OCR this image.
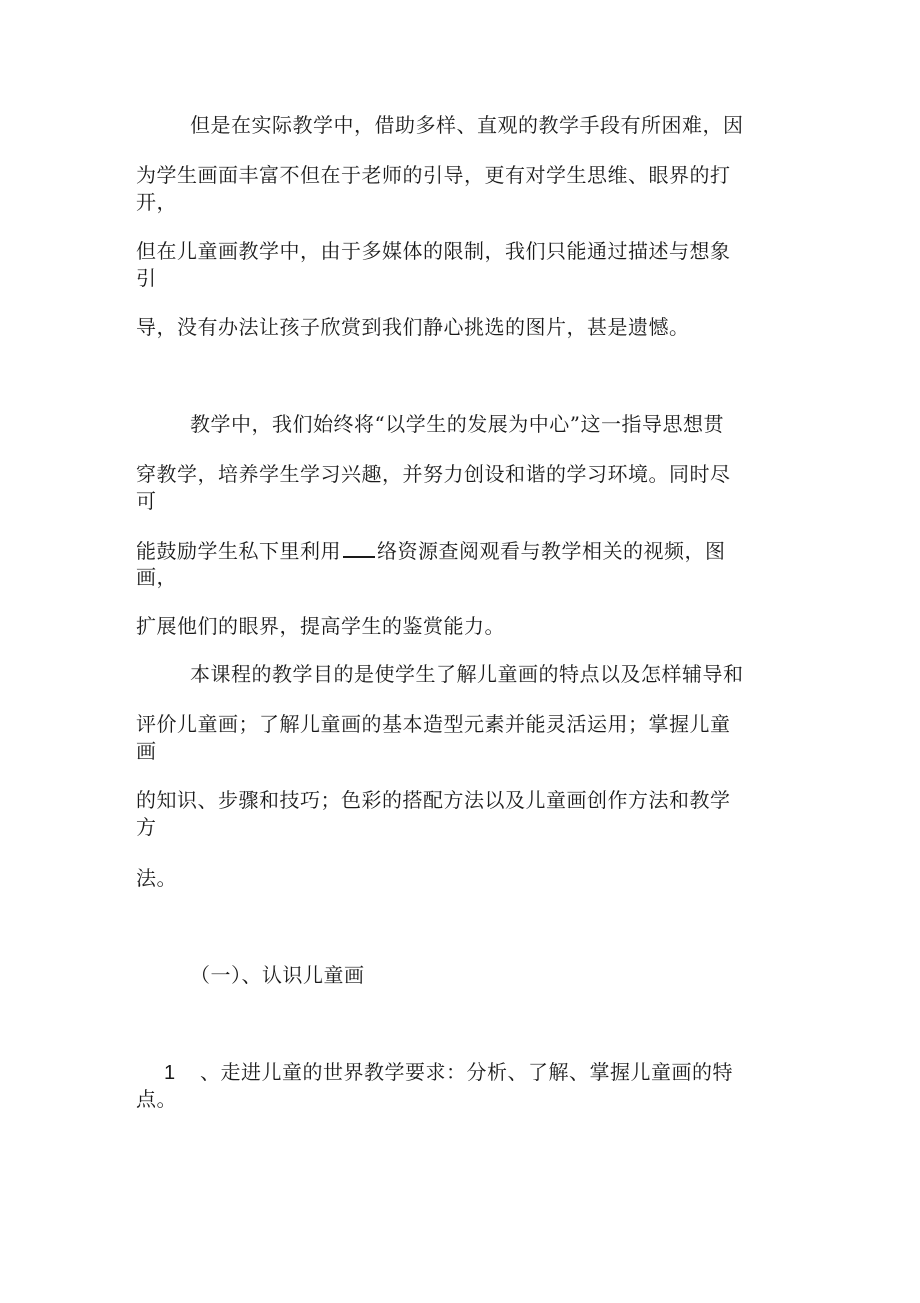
但是在实际教学中，借助多样、直观的教学手段有所困难，因
为学生画面丰富不但在于老师的引导，更有对学生思维、眼界的打
开，
但在儿童画教学中，由于多媒体的限制，我们只能通过描述与想象
引
导，没有办法让孩子欣赏到我们静心挑选的图片，甚是遗憾。
教学中，我们始终将“以学生的发展为中心”这一指导思想贯
穿教学，培养学生学习兴趣，并努力创设和谐的学习环境。同时尽
可
能鼓励学生私下里利用 络资源查阅观看与教学相关的视频，图
画，
扩展他们的眼界，提高学生的鉴赏能力。
本课程的教学目的是使学生了解儿童画的特点以及怎样辅导和
评价儿童画；了解儿童画的基本造型元素并能灵活运用；掌握儿童
画
的知识、步骤和技巧；色彩的搭配方法以及儿童画创作方法和教学
方
法。
（一）、认识儿童画
1 、走进儿童的世界教学要求：分析、了解、掌握儿童画的特
点。
